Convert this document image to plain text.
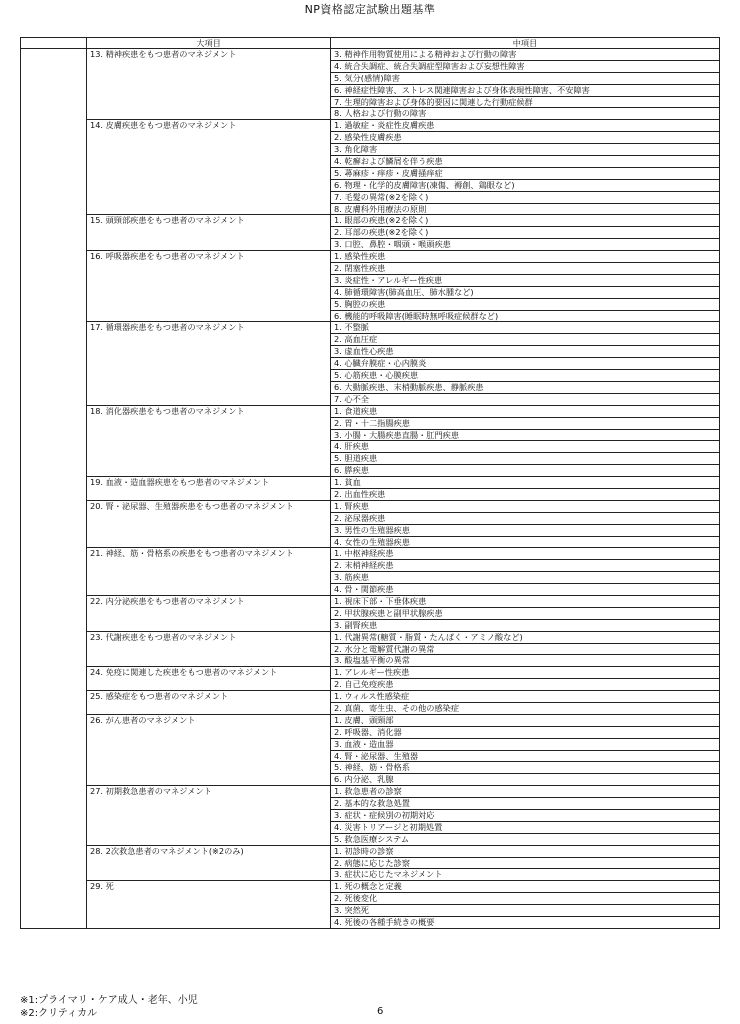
NP資格認定試験出題基準
	大項目	中項目
	13. 精神疾患をもつ患者のマネジメント	3. 精神作用物質使用による精神および行動の障害
		4. 統合失調症、統合失調症型障害および妄想性障害
		5. 気分(感情)障害
		6. 神経症性障害、ストレス関連障害および身体表現性障害、不安障害
		7. 生理的障害および身体的要因に関連した行動症候群
		8. 人格および行動の障害
	14. 皮膚疾患をもつ患者のマネジメント	1. 過敏症・炎症性皮膚疾患
		2. 感染性皮膚疾患
		3. 角化障害
		4. 乾癬および鱗屑を伴う疾患
		5. 蕁麻疹・痒疹・皮膚掻痒症
		6. 物理・化学的皮膚障害(凍傷、褥創、鶏眼など)
		7. 毛髪の異常(※2を除く)
		8. 皮膚科外用療法の原則
	15. 頭頸部疾患をもつ患者のマネジメント	1. 眼部の疾患(※2を除く)
		2. 耳部の疾患(※2を除く)
		3. 口腔、鼻腔・咽頭・喉頭疾患
	16. 呼吸器疾患をもつ患者のマネジメント	1. 感染性疾患
		2. 閉塞性疾患
		3. 炎症性・アレルギー性疾患
		4. 肺循環障害(肺高血圧、肺水腫など)
		5. 胸腔の疾患
		6. 機能的呼吸障害(睡眠時無呼吸症候群など)
	17. 循環器疾患をもつ患者のマネジメント	1. 不整脈
		2. 高血圧症
		3. 虚血性心疾患
		4. 心臓弁膜症・心内膜炎
		5. 心筋疾患・心膜疾患
		6. 大動脈疾患、末梢動脈疾患、静脈疾患
		7. 心不全
	18. 消化器疾患をもつ患者のマネジメント	1. 食道疾患
		2. 胃・十二指腸疾患
		3. 小腸・大腸疾患直腸・肛門疾患
		4. 肝疾患
		5. 胆道疾患
		6. 膵疾患
	19. 血液・造血器疾患をもつ患者のマネジメント	1. 貧血
		2. 出血性疾患
	20. 腎・泌尿器、生殖器疾患をもつ患者のマネジメント	1. 腎疾患
		2. 泌尿器疾患
		3. 男性の生殖器疾患
		4. 女性の生殖器疾患
	21. 神経、筋・骨格系の疾患をもつ患者のマネジメント	1. 中枢神経疾患
		2. 末梢神経疾患
		3. 筋疾患
		4. 骨・関節疾患
	22. 内分泌疾患をもつ患者のマネジメント	1. 視床下部・下垂体疾患
		2. 甲状腺疾患と副甲状腺疾患
		3. 副腎疾患
	23. 代謝疾患をもつ患者のマネジメント	1. 代謝異常(糖質・脂質・たんぱく・アミノ酸など)
		2. 水分と電解質代謝の異常
		3. 酸塩基平衡の異常
	24. 免疫に関連した疾患をもつ患者のマネジメント	1. アレルギー性疾患
		2. 自己免疫疾患
	25. 感染症をもつ患者のマネジメント	1. ウィルス性感染症
		2. 真菌、寄生虫、その他の感染症
	26. がん患者のマネジメント	1. 皮膚、頭頸部
		2. 呼吸器、消化器
		3. 血液・造血器
		4. 腎・泌尿器、生殖器
		5. 神経、筋・骨格系
		6. 内分泌、乳腺
	27. 初期救急患者のマネジメント	1. 救急患者の診察
		2. 基本的な救急処置
		3. 症状・症候別の初期対応
		4. 災害トリアージと初期処置
		5. 救急医療システム
	28. 2次救急患者のマネジメント(※2のみ)	1. 初診時の診察
		2. 病態に応じた診察
		3. 症状に応じたマネジメント
	29. 死	1. 死の概念と定義
		2. 死後変化
		3. 突然死
		4. 死後の各種手続きの概要
※1:プライマリ・ケア成人・老年、小児
※2:クリティカル	6
